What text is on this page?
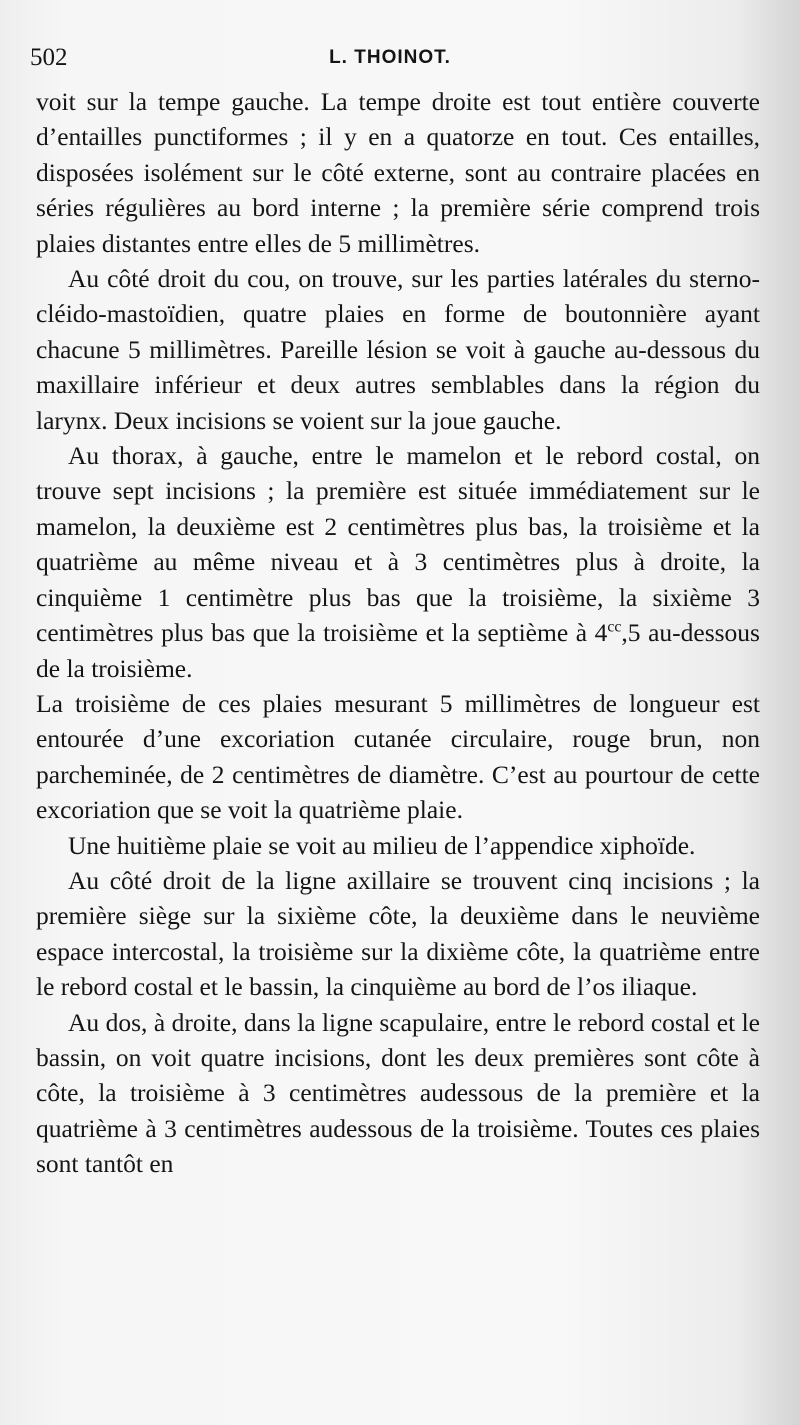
502	L. THOINOT.

voit sur la tempe gauche. La tempe droite est tout entière couverte d’entailles punctiformes ; il y en a quatorze en tout. Ces entailles, disposées isolément sur le côté externe, sont au contraire placées en séries régulières au bord interne ; la première série comprend trois plaies distantes entre elles de 5 millimètres.

Au côté droit du cou, on trouve, sur les parties latérales du sterno-cléido-mastoïdien, quatre plaies en forme de boutonnière ayant chacune 5 millimètres. Pareille lésion se voit à gauche au-dessous du maxillaire inférieur et deux autres semblables dans la région du larynx. Deux incisions se voient sur la joue gauche.

Au thorax, à gauche, entre le mamelon et le rebord costal, on trouve sept incisions ; la première est située immédiatement sur le mamelon, la deuxième est 2 centimètres plus bas, la troisième et la quatrième au même niveau et à 3 centimètres plus à droite, la cinquième 1 centimètre plus bas que la troisième, la sixième 3 centimètres plus bas que la troisième et la septième à $4^{cc},5$ au-dessous de la troisième.

La troisième de ces plaies mesurant 5 millimètres de longueur est entourée d’une excoriation cutanée circulaire, rouge brun, non parcheminée, de 2 centimètres de diamètre. C’est au pourtour de cette excoriation que se voit la quatrième plaie.

Une huitième plaie se voit au milieu de l’appendice xiphoïde.

Au côté droit de la ligne axillaire se trouvent cinq incisions ; la première siège sur la sixième côte, la deuxième dans le neuvième espace intercostal, la troisième sur la dixième côte, la quatrième entre le rebord costal et le bassin, la cinquième au bord de l’os iliaque.

Au dos, à droite, dans la ligne scapulaire, entre le rebord costal et le bassin, on voit quatre incisions, dont les deux premières sont côte à côte, la troisième à 3 centimètres audessous de la première et la quatrième à 3 centimètres audessous de la troisième. Toutes ces plaies sont tantôt en
